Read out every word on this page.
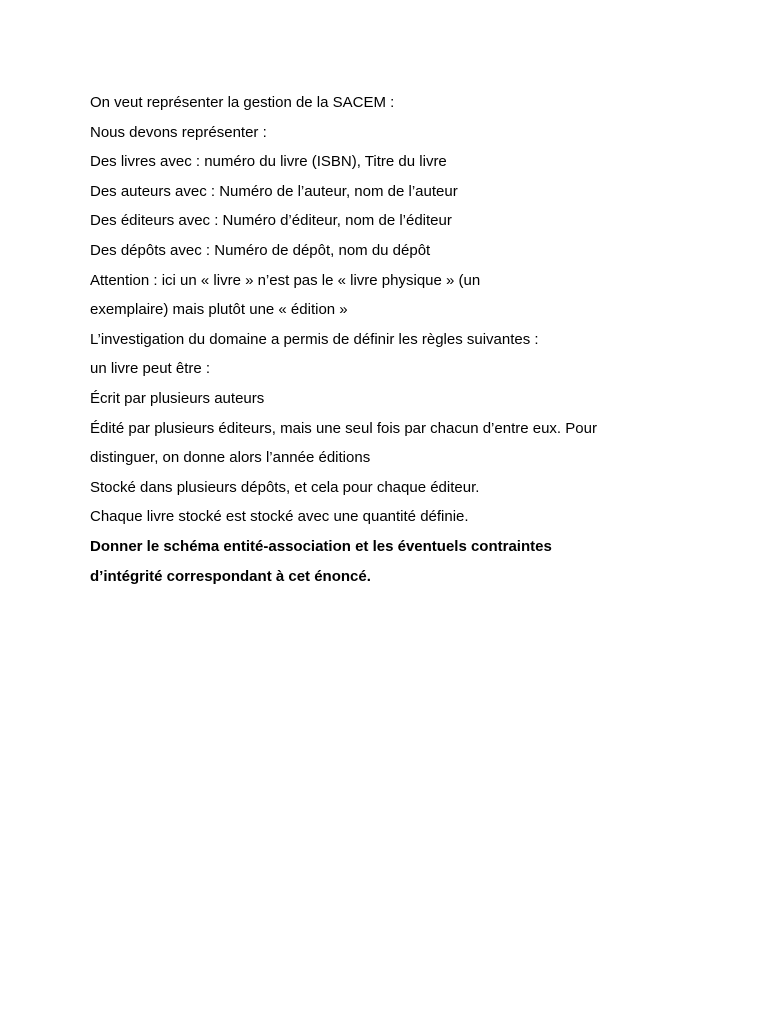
On veut représenter la gestion de la SACEM :

Nous devons représenter :

Des livres avec : numéro du livre (ISBN), Titre du livre

Des auteurs avec : Numéro de l’auteur, nom de l’auteur

Des éditeurs avec : Numéro d’éditeur, nom de l’éditeur

Des dépôts avec : Numéro de dépôt, nom du dépôt

Attention : ici un « livre » n’est pas le « livre physique » (un

exemplaire) mais plutôt une « édition »

L’investigation du domaine a permis de définir les règles suivantes :

un livre peut être :

Écrit par plusieurs auteurs

Édité par plusieurs éditeurs, mais une seul fois par chacun d’entre eux. Pour

distinguer, on donne alors l’année éditions

Stocké dans plusieurs dépôts, et cela pour chaque éditeur.

Chaque livre stocké est stocké avec une quantité définie.

Donner le schéma entité-association et les éventuels contraintes

d’intégrité correspondant à cet énoncé.
